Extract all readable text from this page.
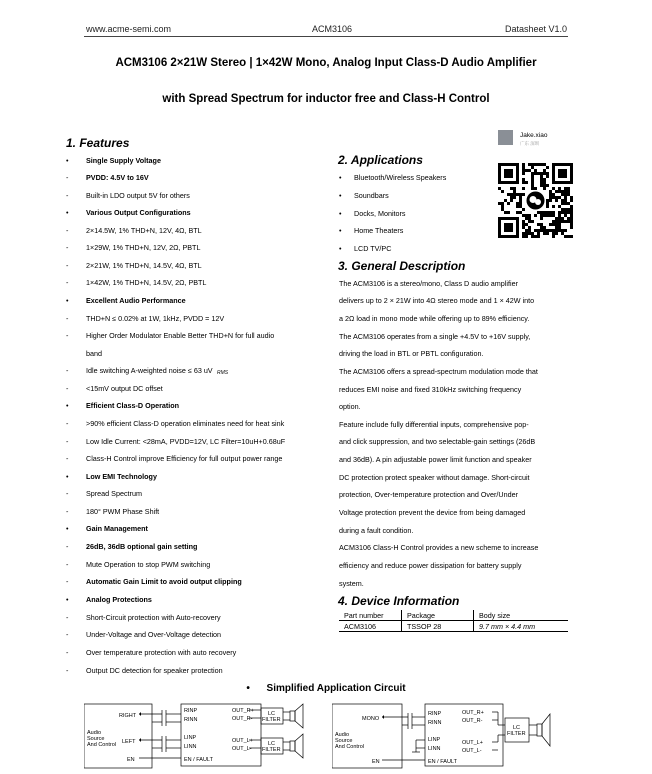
www.acme-semi.com	ACM3106	Datasheet V1.0
ACM3106 2×21W Stereo | 1×42W Mono, Analog Input Class-D Audio Amplifier
with Spread Spectrum for inductor free and Class-H Control
1. Features
• Single Supply Voltage
- PVDD: 4.5V to 16V
- Built-in LDO output 5V for others
• Various Output Configurations
- 2×14.5W, 1% THD+N, 12V, 4Ω, BTL
- 1×29W, 1% THD+N, 12V, 2Ω, PBTL
- 2×21W, 1% THD+N, 14.5V, 4Ω, BTL
- 1×42W, 1% THD+N, 14.5V, 2Ω, PBTL
• Excellent Audio Performance
- THD+N ≤ 0.02% at 1W, 1kHz, PVDD = 12V
- Higher Order Modulator Enable Better THD+N for full audio
band
- Idle switching A-weighted noise ≤ 63 uV RMS
- <15mV output DC offset
• Efficient Class-D Operation
- >90% efficient Class-D operation eliminates need for heat sink
- Low Idle Current: <28mA, PVDD=12V, LC Filter=10uH+0.68uF
- Class-H Control improve Efficiency for full output power range
• Low EMI Technology
- Spread Spectrum
- 180° PWM Phase Shift
• Gain Management
- 26dB, 36dB optional gain setting
- Mute Operation to stop PWM switching
- Automatic Gain Limit to avoid output clipping
• Analog Protections
- Short-Circuit protection with Auto-recovery
- Under-Voltage and Over-Voltage detection
- Over temperature protection with auto recovery
- Output DC detection for speaker protection
2. Applications
• Bluetooth/Wireless Speakers
• Soundbars
• Docks, Monitors
• Home Theaters
• LCD TV/PC
Jake.xiao
广东 深圳
3. General Description
The ACM3106 is a stereo/mono, Class D audio amplifier
delivers up to 2 × 21W into 4Ω stereo mode and 1 × 42W into
a 2Ω load in mono mode while offering up to 89% efficiency.
The ACM3106 operates from a single +4.5V to +16V supply,
driving the load in BTL or PBTL configuration.
The ACM3106 offers a spread-spectrum modulation mode that
reduces EMI noise and fixed 310kHz switching frequency
option.
Feature include fully differential inputs, comprehensive pop-
and click suppression, and two selectable-gain settings (26dB
and 36dB). A pin adjustable power limit function and speaker
DC protection protect speaker without damage. Short-circuit
protection, Over-temperature protection and Over/Under
Voltage protection prevent the device from being damaged
during a fault condition.
ACM3106 Class-H Control provides a new scheme to increase
efficiency and reduce power dissipation for battery supply
system.
4. Device Information
Part number	Package	Body size
ACM3106	TSSOP 28	9.7 mm × 4.4 mm
• Simplified Application Circuit
RIGHT
LEFT
Audio
Source
And Control
EN
RINP
RINN
LINP
LINN
EN / FAULT
OUT_R+
OUT_R-
OUT_L+
OUT_L-
LC
FILTER
LC
FILTER
MONO
Audio
Source
And Control
EN
RINP
RINN
LINP
LINN
EN / FAULT
OUT_R+
OUT_R-
OUT_L+
OUT_L-
LC
FILTER
